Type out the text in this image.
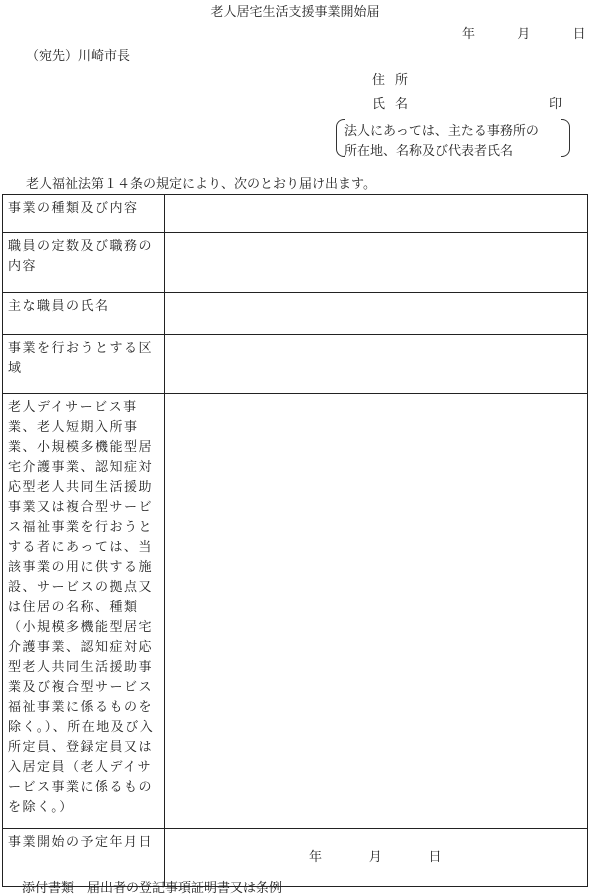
老人居宅生活支援事業開始届
年	月	日
（宛先）川崎市長
住所
氏名	印
法人にあっては、主たる事務所の
所在地、名称及び代表者氏名
老人福祉法第１４条の規定により、次のとおり届け出ます。
事業の種類及び内容	
職員の定数及び職務の内容	
主な職員の氏名	
事業を行おうとする区域	
老人デイサービス事業、老人短期入所事業、小規模多機能型居宅介護事業、認知症対応型老人共同生活援助事業又は複合型サービス福祉事業を行おうとする者にあっては、当該事業の用に供する施設、サービスの拠点又は住居の名称、種類（小規模多機能型居宅介護事業、認知症対応型老人共同生活援助事業及び複合型サービス福祉事業に係るものを除く。）、所在地及び入所定員、登録定員又は入居定員（老人デイサービス事業に係るものを除く。）	
事業開始の予定年月日	年 月 日
添付書類　届出者の登記事項証明書又は条例
